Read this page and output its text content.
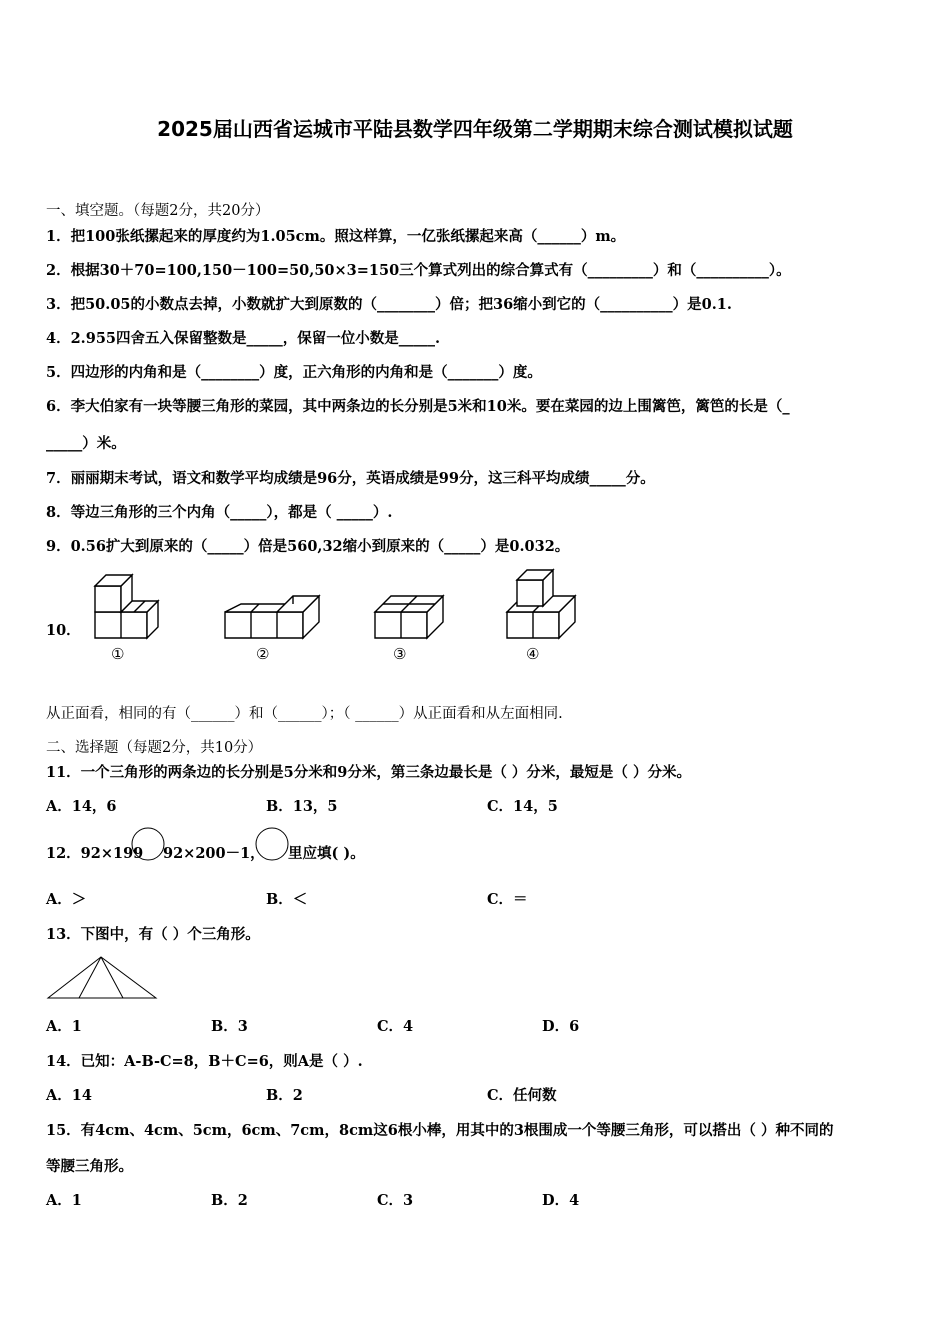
2025届山西省运城市平陆县数学四年级第二学期期末综合测试模拟试题
一、填空题。（每题2分，共20分）
1．把100张纸摞起来的厚度约为1.05cm。照这样算，一亿张纸摞起来高（______）m。
2．根据30＋70=100,150－100=50,50×3=150三个算式列出的综合算式有（_________）和（__________）。
3．把50.05的小数点去掉，小数就扩大到原数的（________）倍；把36缩小到它的（__________）是0.1.
4．2.955四舍五入保留整数是_____，保留一位小数是_____.
5．四边形的内角和是（________）度，正六角形的内角和是（_______）度。
6．李大伯家有一块等腰三角形的菜园，其中两条边的长分别是5米和10米。要在菜园的边上围篱笆，篱笆的长是（_
_____）米。
7．丽丽期末考试，语文和数学平均成绩是96分，英语成绩是99分，这三科平均成绩_____分。
8．等边三角形的三个内角（_____），都是（ _____）.
9．0.56扩大到原来的（_____）倍是560,32缩小到原来的（_____）是0.032。
10．
①	②	③	④
从正面看，相同的有（______）和（______）；（ ______）从正面看和从左面相同.
二、选择题（每题2分，共10分）
11．一个三角形的两条边的长分别是5分米和9分米，第三条边最长是（ ）分米，最短是（ ）分米。
A．14，6	B．13，5	C．14，5
12．92×199 92×200－1， 里应填( )。
A．＞	B．＜	C．＝
13．下图中，有（ ）个三角形。
A．1	B．3	C．4	D．6
14．已知：A-B-C=8，B＋C=6，则A是（ ）.
A．14	B．2	C．任何数
15．有4cm、4cm、5cm，6cm、7cm，8cm这6根小棒，用其中的3根围成一个等腰三角形，可以搭出（ ）种不同的
等腰三角形。
A．1	B．2	C．3	D．4
